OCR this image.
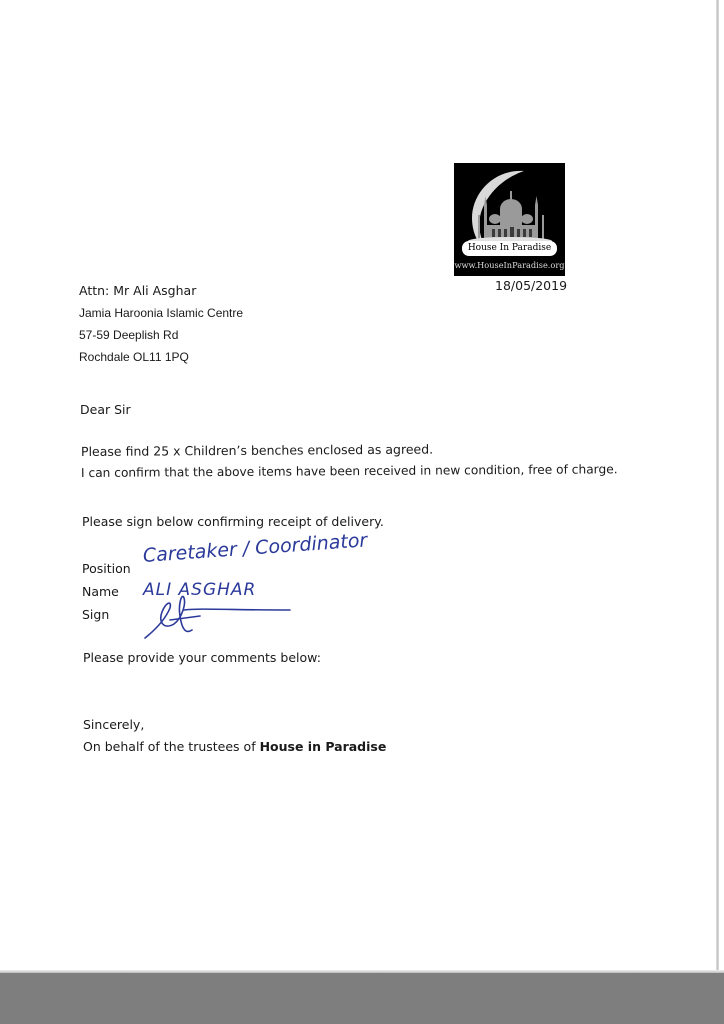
House In Paradise
www.HouseInParadise.org
18/05/2019
Attn: Mr Ali Asghar
Jamia Haroonia Islamic Centre
57-59 Deeplish Rd
Rochdale OL11 1PQ
Dear Sir
Please find 25 x Children’s benches enclosed as agreed.
I can confirm that the above items have been received in new condition, free of charge.
Please sign below confirming receipt of delivery.
Position
Name
Sign
Caretaker / Coordinator
ALI ASGHAR
Please provide your comments below:
Sincerely,
On behalf of the trustees of House in Paradise
